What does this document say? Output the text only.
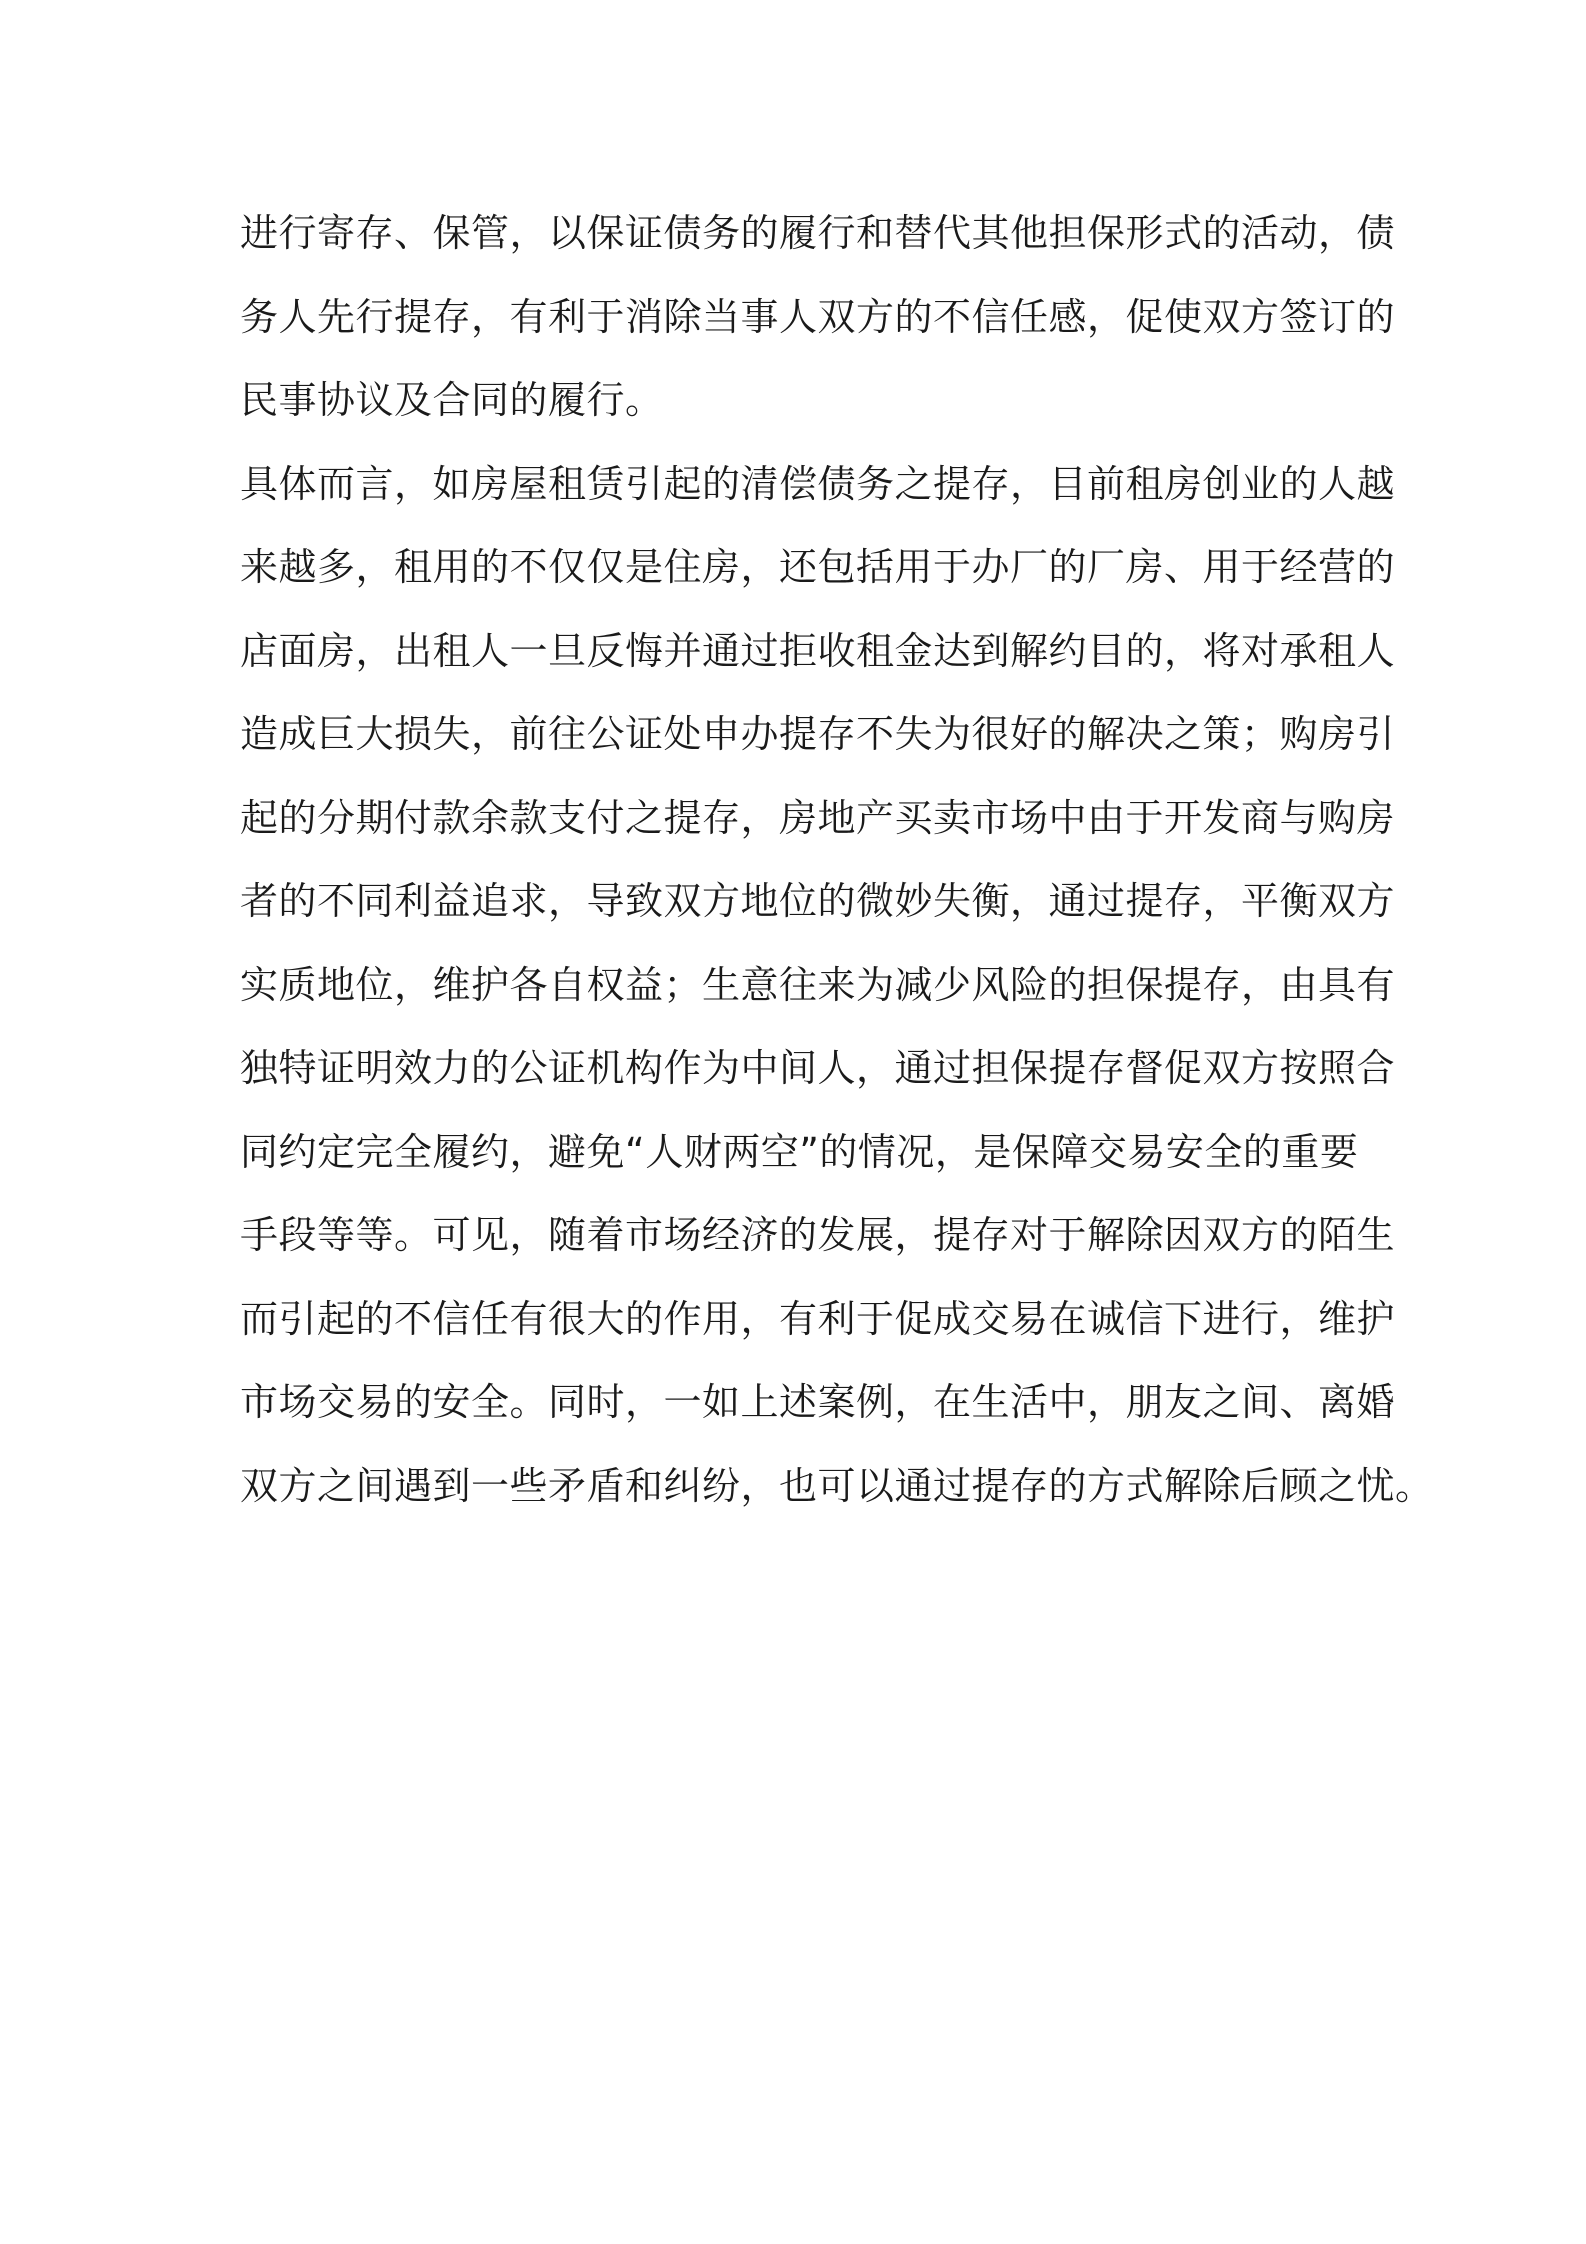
进行寄存、保管，以保证债务的履行和替代其他担保形式的活动，债
务人先行提存，有利于消除当事人双方的不信任感，促使双方签订的
民事协议及合同的履行。
具体而言，如房屋租赁引起的清偿债务之提存，目前租房创业的人越
来越多，租用的不仅仅是住房，还包括用于办厂的厂房、用于经营的
店面房，出租人一旦反悔并通过拒收租金达到解约目的，将对承租人
造成巨大损失，前往公证处申办提存不失为很好的解决之策；购房引
起的分期付款余款支付之提存，房地产买卖市场中由于开发商与购房
者的不同利益追求，导致双方地位的微妙失衡，通过提存，平衡双方
实质地位，维护各自权益；生意往来为减少风险的担保提存，由具有
独特证明效力的公证机构作为中间人，通过担保提存督促双方按照合
同约定完全履约，避免“人财两空”的情况，是保障交易安全的重要
手段等等。可见，随着市场经济的发展，提存对于解除因双方的陌生
而引起的不信任有很大的作用，有利于促成交易在诚信下进行，维护
市场交易的安全。同时，一如上述案例，在生活中，朋友之间、离婚
双方之间遇到一些矛盾和纠纷，也可以通过提存的方式解除后顾之忧。
